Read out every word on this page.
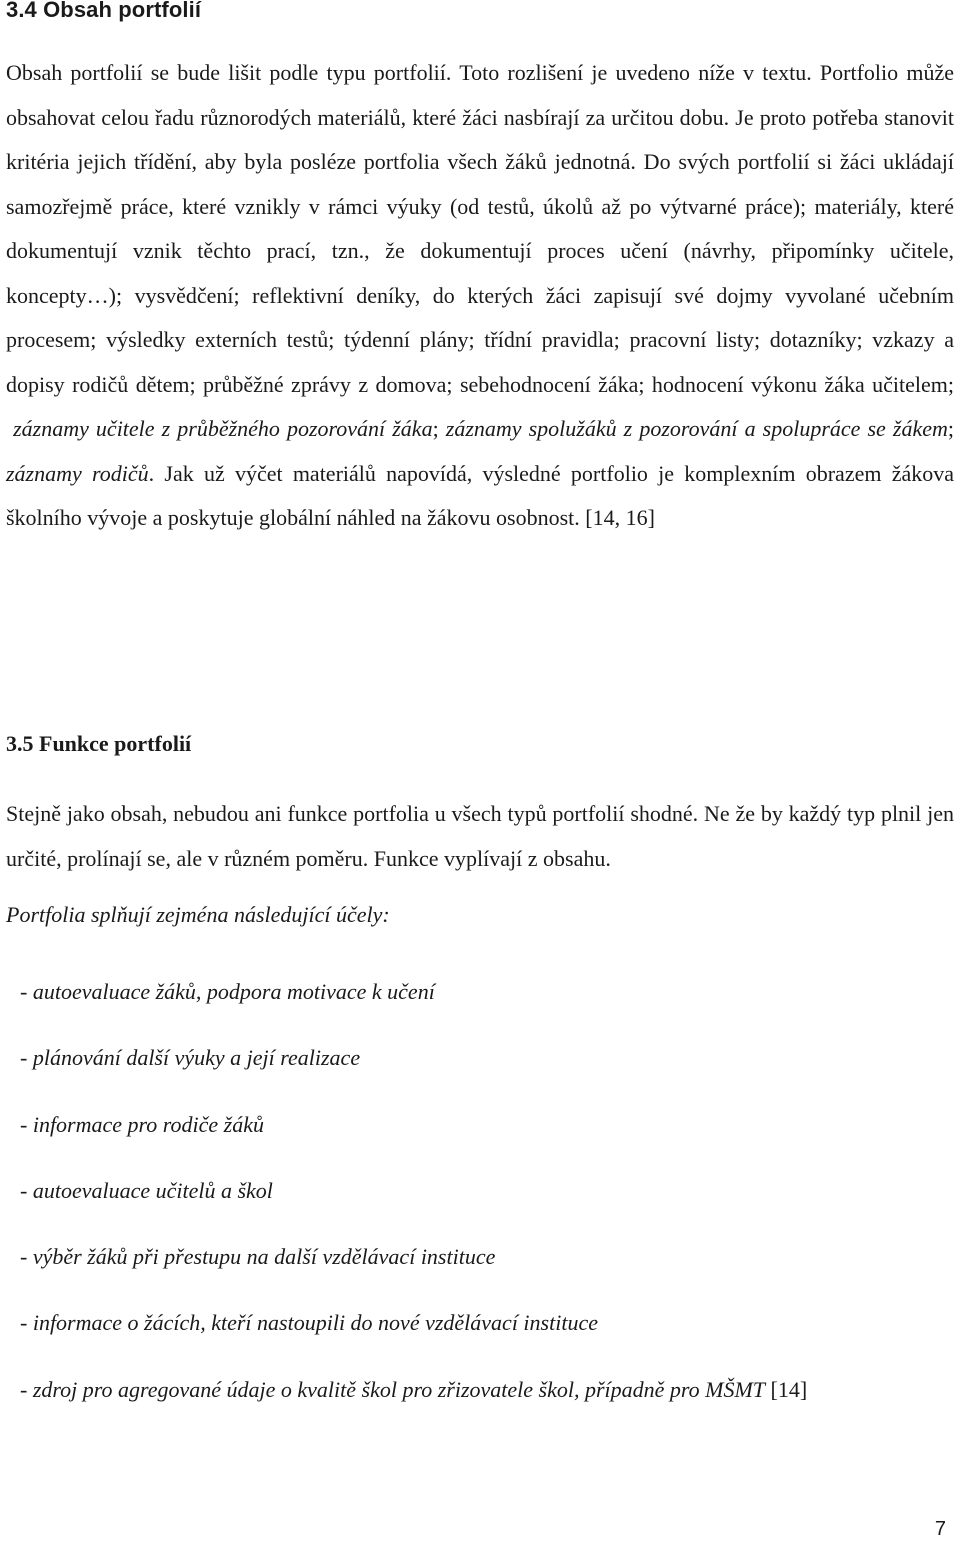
3.4 Obsah portfolií

Obsah portfolií se bude lišit podle typu portfolií. Toto rozlišení je uvedeno níže v textu. Portfolio může obsahovat celou řadu různorodých materiálů, které žáci nasbírají za určitou dobu. Je proto potřeba stanovit kritéria jejich třídění, aby byla posléze portfolia všech žáků jednotná. Do svých portfolií si žáci ukládají samozřejmě práce, které vznikly v rámci výuky (od testů, úkolů až po výtvarné práce); materiály, které dokumentují vznik těchto prací, tzn., že dokumentují proces učení (návrhy, připomínky učitele, koncepty…); vysvědčení; reflektivní deníky, do kterých žáci zapisují své dojmy vyvolané učebním procesem; výsledky externích testů; týdenní plány; třídní pravidla; pracovní listy; dotazníky; vzkazy a dopisy rodičů dětem; průběžné zprávy z domova; sebehodnocení žáka; hodnocení výkonu žáka učitelem;  záznamy učitele z průběžného pozorování žáka; záznamy spolužáků z pozorování a spolupráce se žákem; záznamy rodičů. Jak už výčet materiálů napovídá, výsledné portfolio je komplexním obrazem žákova školního vývoje a poskytuje globální náhled na žákovu osobnost. [14, 16]

3.5 Funkce portfolií

Stejně jako obsah, nebudou ani funkce portfolia u všech typů portfolií shodné. Ne že by každý typ plnil jen určité, prolínají se, ale v různém poměru. Funkce vyplívají z obsahu.

Portfolia splňují zejména následující účely:

- autoevaluace žáků, podpora motivace k učení
- plánování další výuky a její realizace
- informace pro rodiče žáků
- autoevaluace učitelů a škol
- výběr žáků při přestupu na další vzdělávací instituce
- informace o žácích, kteří nastoupili do nové vzdělávací instituce
- zdroj pro agregované údaje o kvalitě škol pro zřizovatele škol, případně pro MŠMT [14]
7
